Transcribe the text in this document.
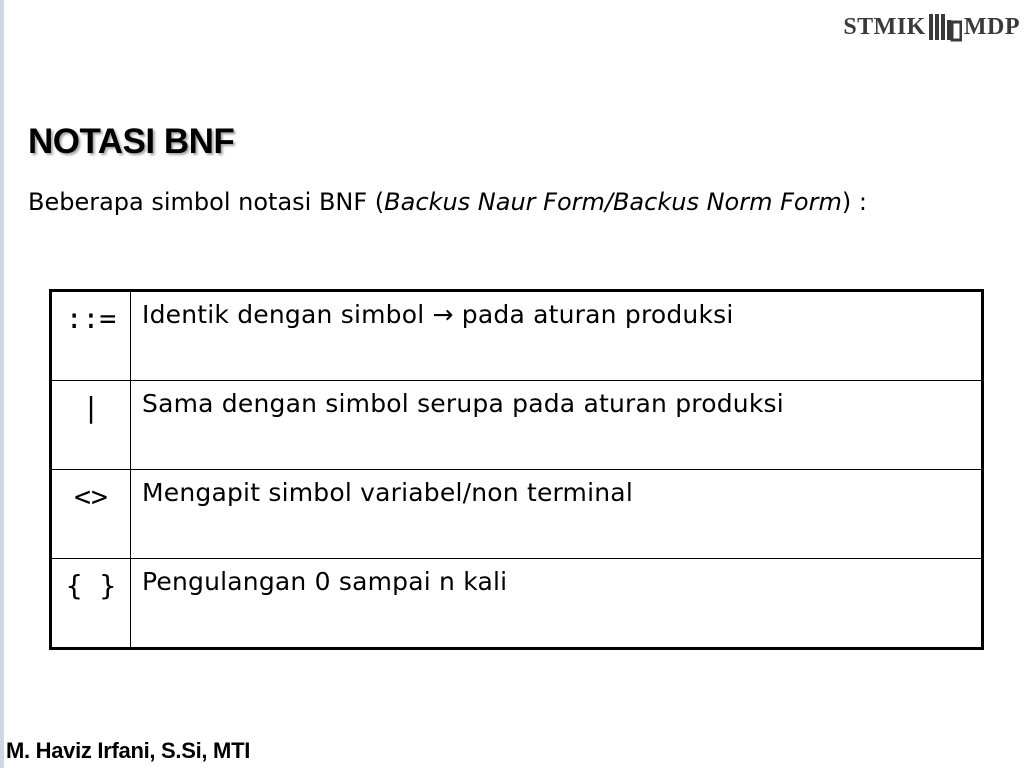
STMIK MDP
NOTASI BNF

Beberapa simbol notasi BNF (Backus Naur Form/Backus Norm Form) :

::=	Identik dengan simbol → pada aturan produksi
|	Sama dengan simbol serupa pada aturan produksi
<>	Mengapit simbol variabel/non terminal
{ }	Pengulangan 0 sampai n kali
M. Haviz Irfani, S.Si, MTI
